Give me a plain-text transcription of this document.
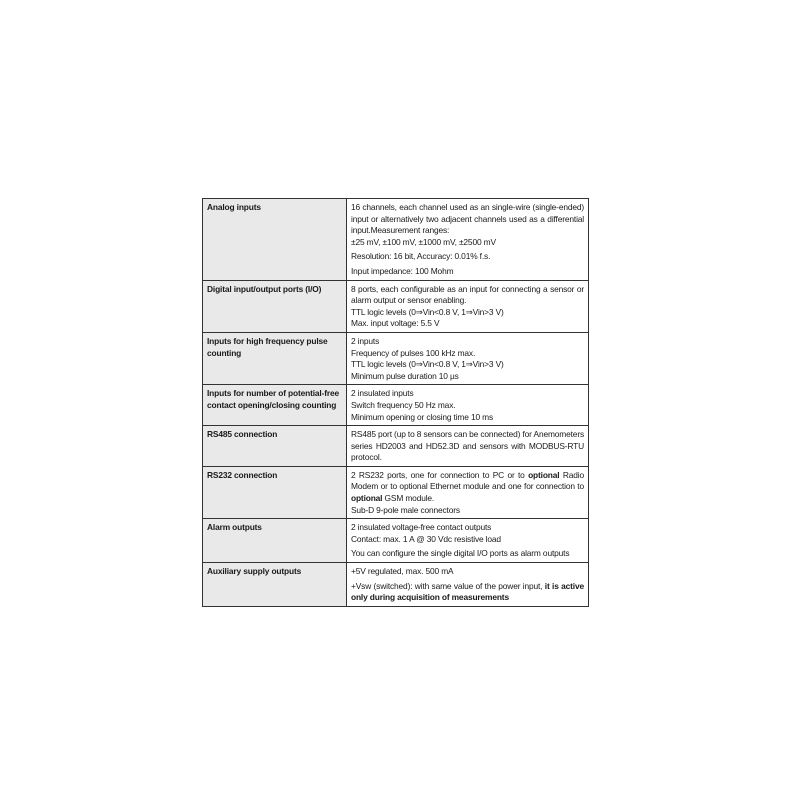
Analog inputs	16 channels, each channel used as an single-wire (single-ended) input or alternatively two adjacent channels used as a differential input.Measurement ranges:
±25 mV, ±100 mV, ±1000 mV, ±2500 mV
Resolution: 16 bit, Accuracy: 0.01% f.s.
Input impedance: 100 Mohm

Digital input/output ports (I/O)	8 ports, each configurable as an input for connecting a sensor or alarm output or sensor enabling.
TTL logic levels (0⇒Vin<0.8 V, 1⇒Vin>3 V)
Max. input voltage: 5.5 V

Inputs for high frequency pulse counting	2 inputs
Frequency of pulses 100 kHz max.
TTL logic levels (0⇒Vin<0.8 V, 1⇒Vin>3 V)
Minimum pulse duration 10 µs

Inputs for number of potential-free contact opening/closing counting	2 insulated inputs
Switch frequency 50 Hz max.
Minimum opening or closing time 10 ms

RS485 connection	RS485 port (up to 8 sensors can be connected) for Anemometers series HD2003 and HD52.3D and sensors with MODBUS-RTU protocol.

RS232 connection	2 RS232 ports, one for connection to PC or to optional Radio Modem or to optional Ethernet module and one for connection to optional GSM module.
Sub-D 9-pole male connectors

Alarm outputs	2 insulated voltage-free contact outputs
Contact: max. 1 A @ 30 Vdc resistive load
You can configure the single digital I/O ports as alarm outputs

Auxiliary supply outputs	+5V regulated, max. 500 mA
+Vsw (switched): with same value of the power input, it is active only during acquisition of measurements
